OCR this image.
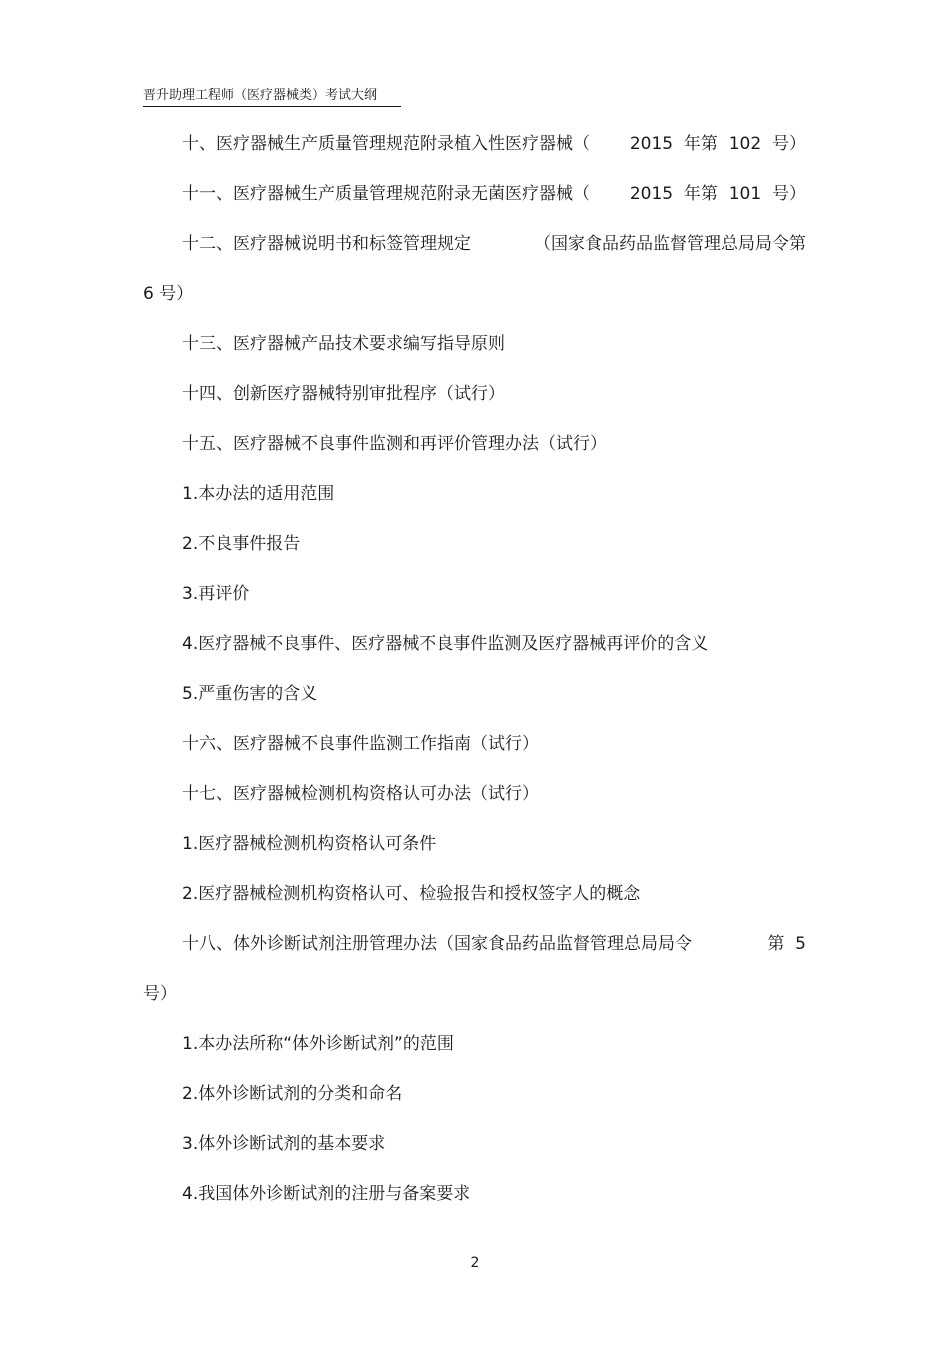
晋升助理工程师（医疗器械类）考试大纲
十、医疗器械生产质量管理规范附录植入性医疗器械（ 2015  年第  102  号）
十一、医疗器械生产质量管理规范附录无菌医疗器械（ 2015  年第  101  号）
十二、医疗器械说明书和标签管理规定	（国家食品药品监督管理总局局令第
6 号）
十三、医疗器械产品技术要求编写指导原则
十四、创新医疗器械特别审批程序（试行）
十五、医疗器械不良事件监测和再评价管理办法（试行）
1.本办法的适用范围
2.不良事件报告
3.再评价
4.医疗器械不良事件、医疗器械不良事件监测及医疗器械再评价的含义
5.严重伤害的含义
十六、医疗器械不良事件监测工作指南（试行）
十七、医疗器械检测机构资格认可办法（试行）
1.医疗器械检测机构资格认可条件
2.医疗器械检测机构资格认可、检验报告和授权签字人的概念
十八、体外诊断试剂注册管理办法（国家食品药品监督管理总局局令	第  5
号）
1.本办法所称“体外诊断试剂”的范围
2.体外诊断试剂的分类和命名
3.体外诊断试剂的基本要求
4.我国体外诊断试剂的注册与备案要求
2
